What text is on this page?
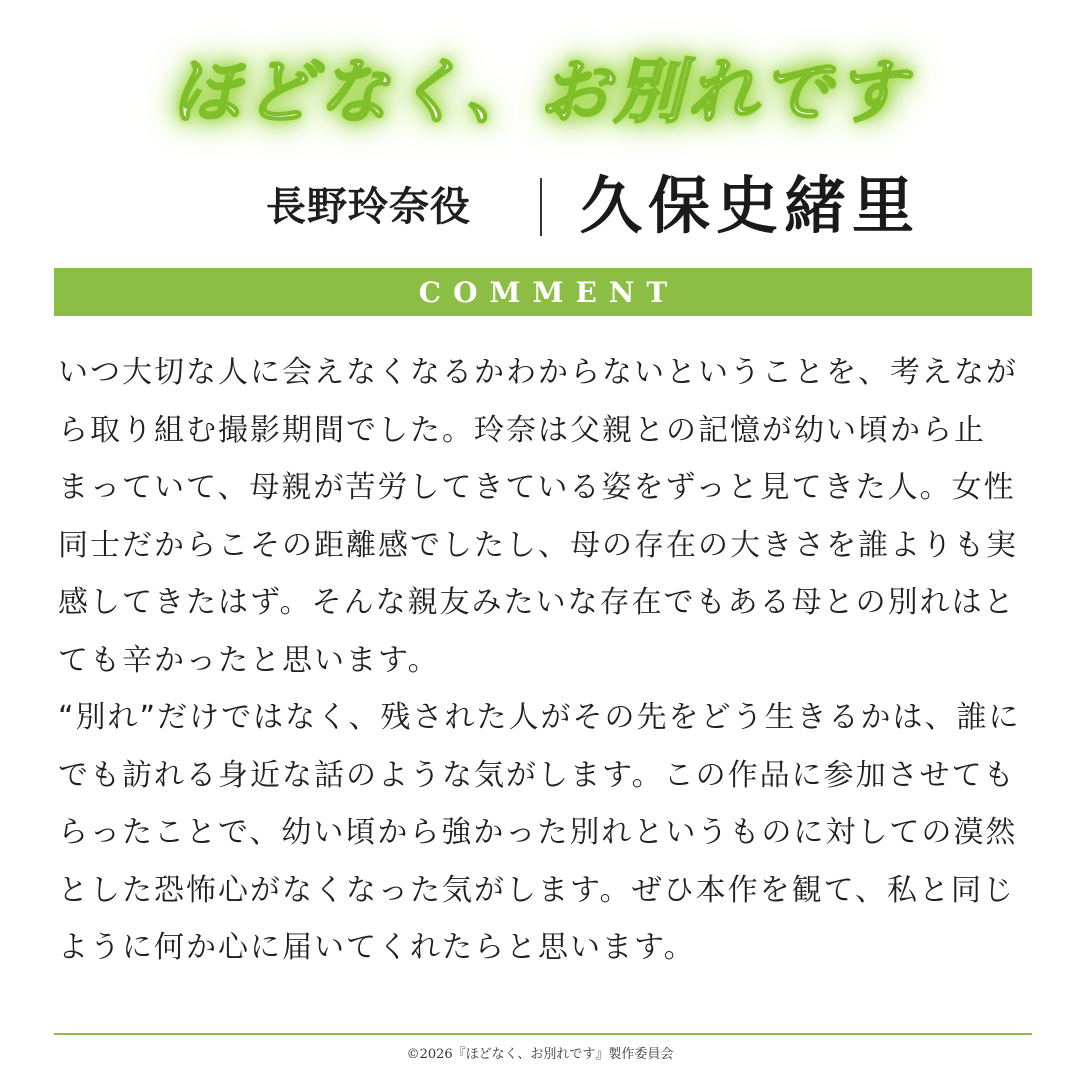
ほどなく、お別れです
長野玲奈役 久保史緒里
COMMENT
いつ大切な人に会えなくなるかわからないということを、考えなが
ら取り組む撮影期間でした。玲奈は父親との記憶が幼い頃から止
まっていて、母親が苦労してきている姿をずっと見てきた人。女性
同士だからこその距離感でしたし、母の存在の大きさを誰よりも実
感してきたはず。そんな親友みたいな存在でもある母との別れはと
ても辛かったと思います。
“別れ”だけではなく、残された人がその先をどう生きるかは、誰に
でも訪れる身近な話のような気がします。この作品に参加させても
らったことで、幼い頃から強かった別れというものに対しての漠然
とした恐怖心がなくなった気がします。ぜひ本作を観て、私と同じ
ように何か心に届いてくれたらと思います。
©2026『ほどなく、お別れです』製作委員会
